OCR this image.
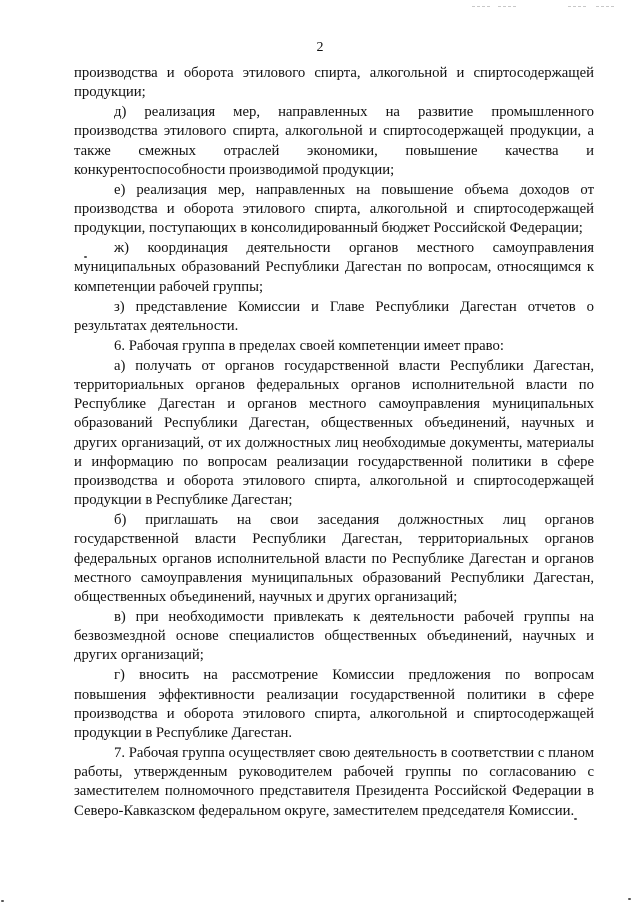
2

производства и оборота этилового спирта, алкогольной и спиртосодержащей продукции;

д) реализация мер, направленных на развитие промышленного производства этилового спирта, алкогольной и спиртосодержащей продукции, а также смежных отраслей экономики, повышение качества и конкурентоспособности производимой продукции;

е) реализация мер, направленных на повышение объема доходов от производства и оборота этилового спирта, алкогольной и спиртосодержащей продукции, поступающих в консолидированный бюджет Российской Федерации;

ж) координация деятельности органов местного самоуправления муниципальных образований Республики Дагестан по вопросам, относящимся к компетенции рабочей группы;

з) представление Комиссии и Главе Республики Дагестан отчетов о результатах деятельности.

6. Рабочая группа в пределах своей компетенции имеет право:

а) получать от органов государственной власти Республики Дагестан, территориальных органов федеральных органов исполнительной власти по Республике Дагестан и органов местного самоуправления муниципальных образований Республики Дагестан, общественных объединений, научных и других организаций, от их должностных лиц необходимые документы, материалы и информацию по вопросам реализации государственной политики в сфере производства и оборота этилового спирта, алкогольной и спиртосодержащей продукции в Республике Дагестан;

б) приглашать на свои заседания должностных лиц органов государственной власти Республики Дагестан, территориальных органов федеральных органов исполнительной власти по Республике Дагестан и органов местного самоуправления муниципальных образований Республики Дагестан, общественных объединений, научных и других организаций;

в) при необходимости привлекать к деятельности рабочей группы на безвозмездной основе специалистов общественных объединений, научных и других организаций;

г) вносить на рассмотрение Комиссии предложения по вопросам повышения эффективности реализации государственной политики в сфере производства и оборота этилового спирта, алкогольной и спиртосодержащей продукции в Республике Дагестан.

7. Рабочая группа осуществляет свою деятельность в соответствии с планом работы, утвержденным руководителем рабочей группы по согласованию с заместителем полномочного представителя Президента Российской Федерации в Северо-Кавказском федеральном округе, заместителем председателя Комиссии.
